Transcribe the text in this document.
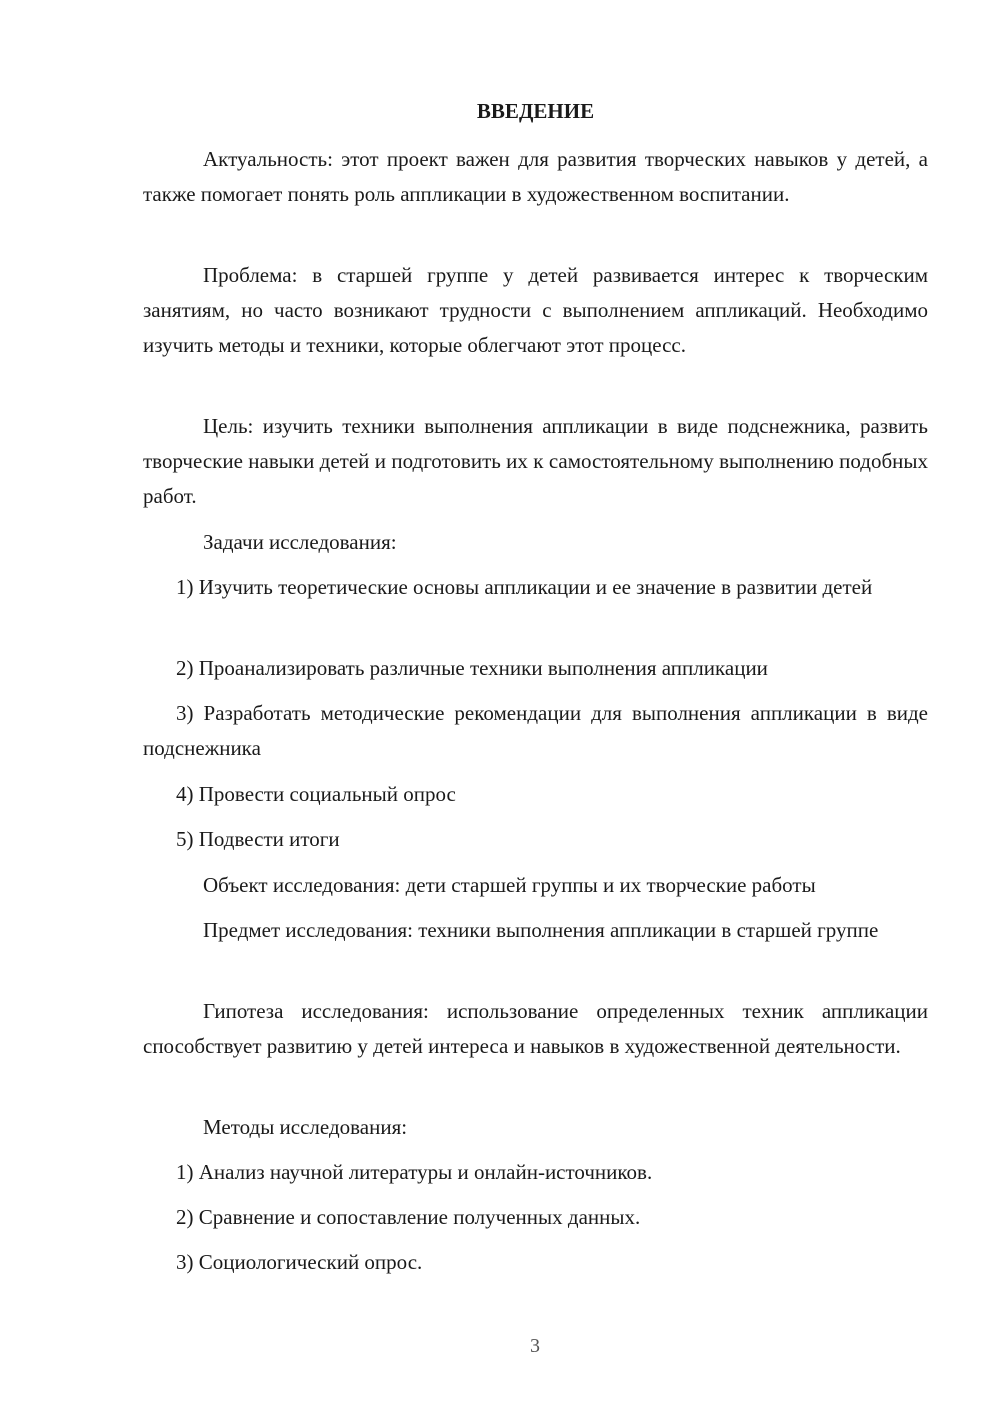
ВВЕДЕНИЕ

Актуальность: этот проект важен для развития творческих навыков у детей, а также помогает понять роль аппликации в художественном воспитании.

Проблема: в старшей группе у детей развивается интерес к творческим занятиям, но часто возникают трудности с выполнением аппликаций. Необходимо изучить методы и техники, которые облегчают этот процесс.

Цель: изучить техники выполнения аппликации в виде подснежника, развить творческие навыки детей и подготовить их к самостоятельному выполнению подобных работ.

Задачи исследования:

1) Изучить теоретические основы аппликации и ее значение в развитии детей

2) Проанализировать различные техники выполнения аппликации

3) Разработать методические рекомендации для выполнения аппликации в виде подснежника

4) Провести социальный опрос

5) Подвести итоги

Объект исследования: дети старшей группы и их творческие работы

Предмет исследования: техники выполнения аппликации в старшей группе

Гипотеза исследования: использование определенных техник аппликации способствует развитию у детей интереса и навыков в художественной деятельности.

Методы исследования:

1) Анализ научной литературы и онлайн-источников.

2) Сравнение и сопоставление полученных данных.

3) Социологический опрос.

3
